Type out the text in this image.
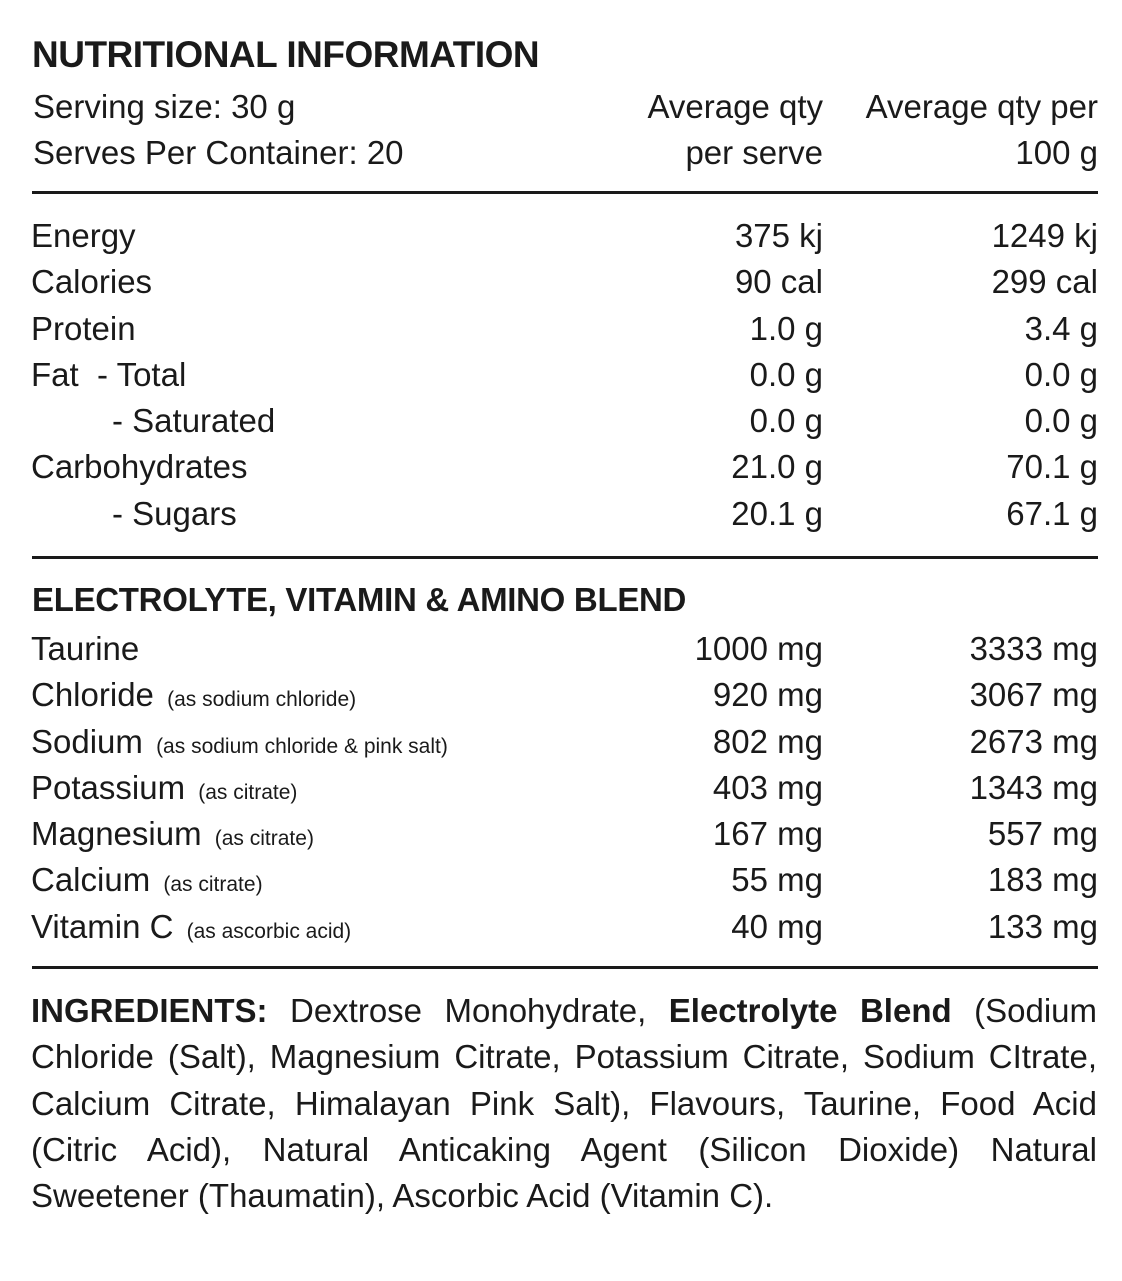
NUTRITIONAL INFORMATION
Serving size: 30 g
Serves Per Container: 20
Average qty
per serve
Average qty per
100 g
Energy	375 kj	1249 kj
Calories	90 cal	299 cal
Protein	1.0 g	3.4 g
Fat  - Total	0.0 g	0.0 g
- Saturated	0.0 g	0.0 g
Carbohydrates	21.0 g	70.1 g
- Sugars	20.1 g	67.1 g
ELECTROLYTE, VITAMIN & AMINO BLEND
Taurine	1000 mg	3333 mg
Chloride (as sodium chloride)	920 mg	3067 mg
Sodium (as sodium chloride & pink salt)	802 mg	2673 mg
Potassium (as citrate)	403 mg	1343 mg
Magnesium (as citrate)	167 mg	557 mg
Calcium (as citrate)	55 mg	183 mg
Vitamin C (as ascorbic acid)	40 mg	133 mg
INGREDIENTS: Dextrose Monohydrate, Electrolyte Blend (Sodium Chloride (Salt), Magnesium Citrate, Potassium Citrate, Sodium CItrate, Calcium Citrate, Himalayan Pink Salt), Flavours, Taurine, Food Acid (Citric Acid), Natural Anticaking Agent (Silicon Dioxide) Natural Sweetener (Thaumatin), Ascorbic Acid (Vitamin C).
